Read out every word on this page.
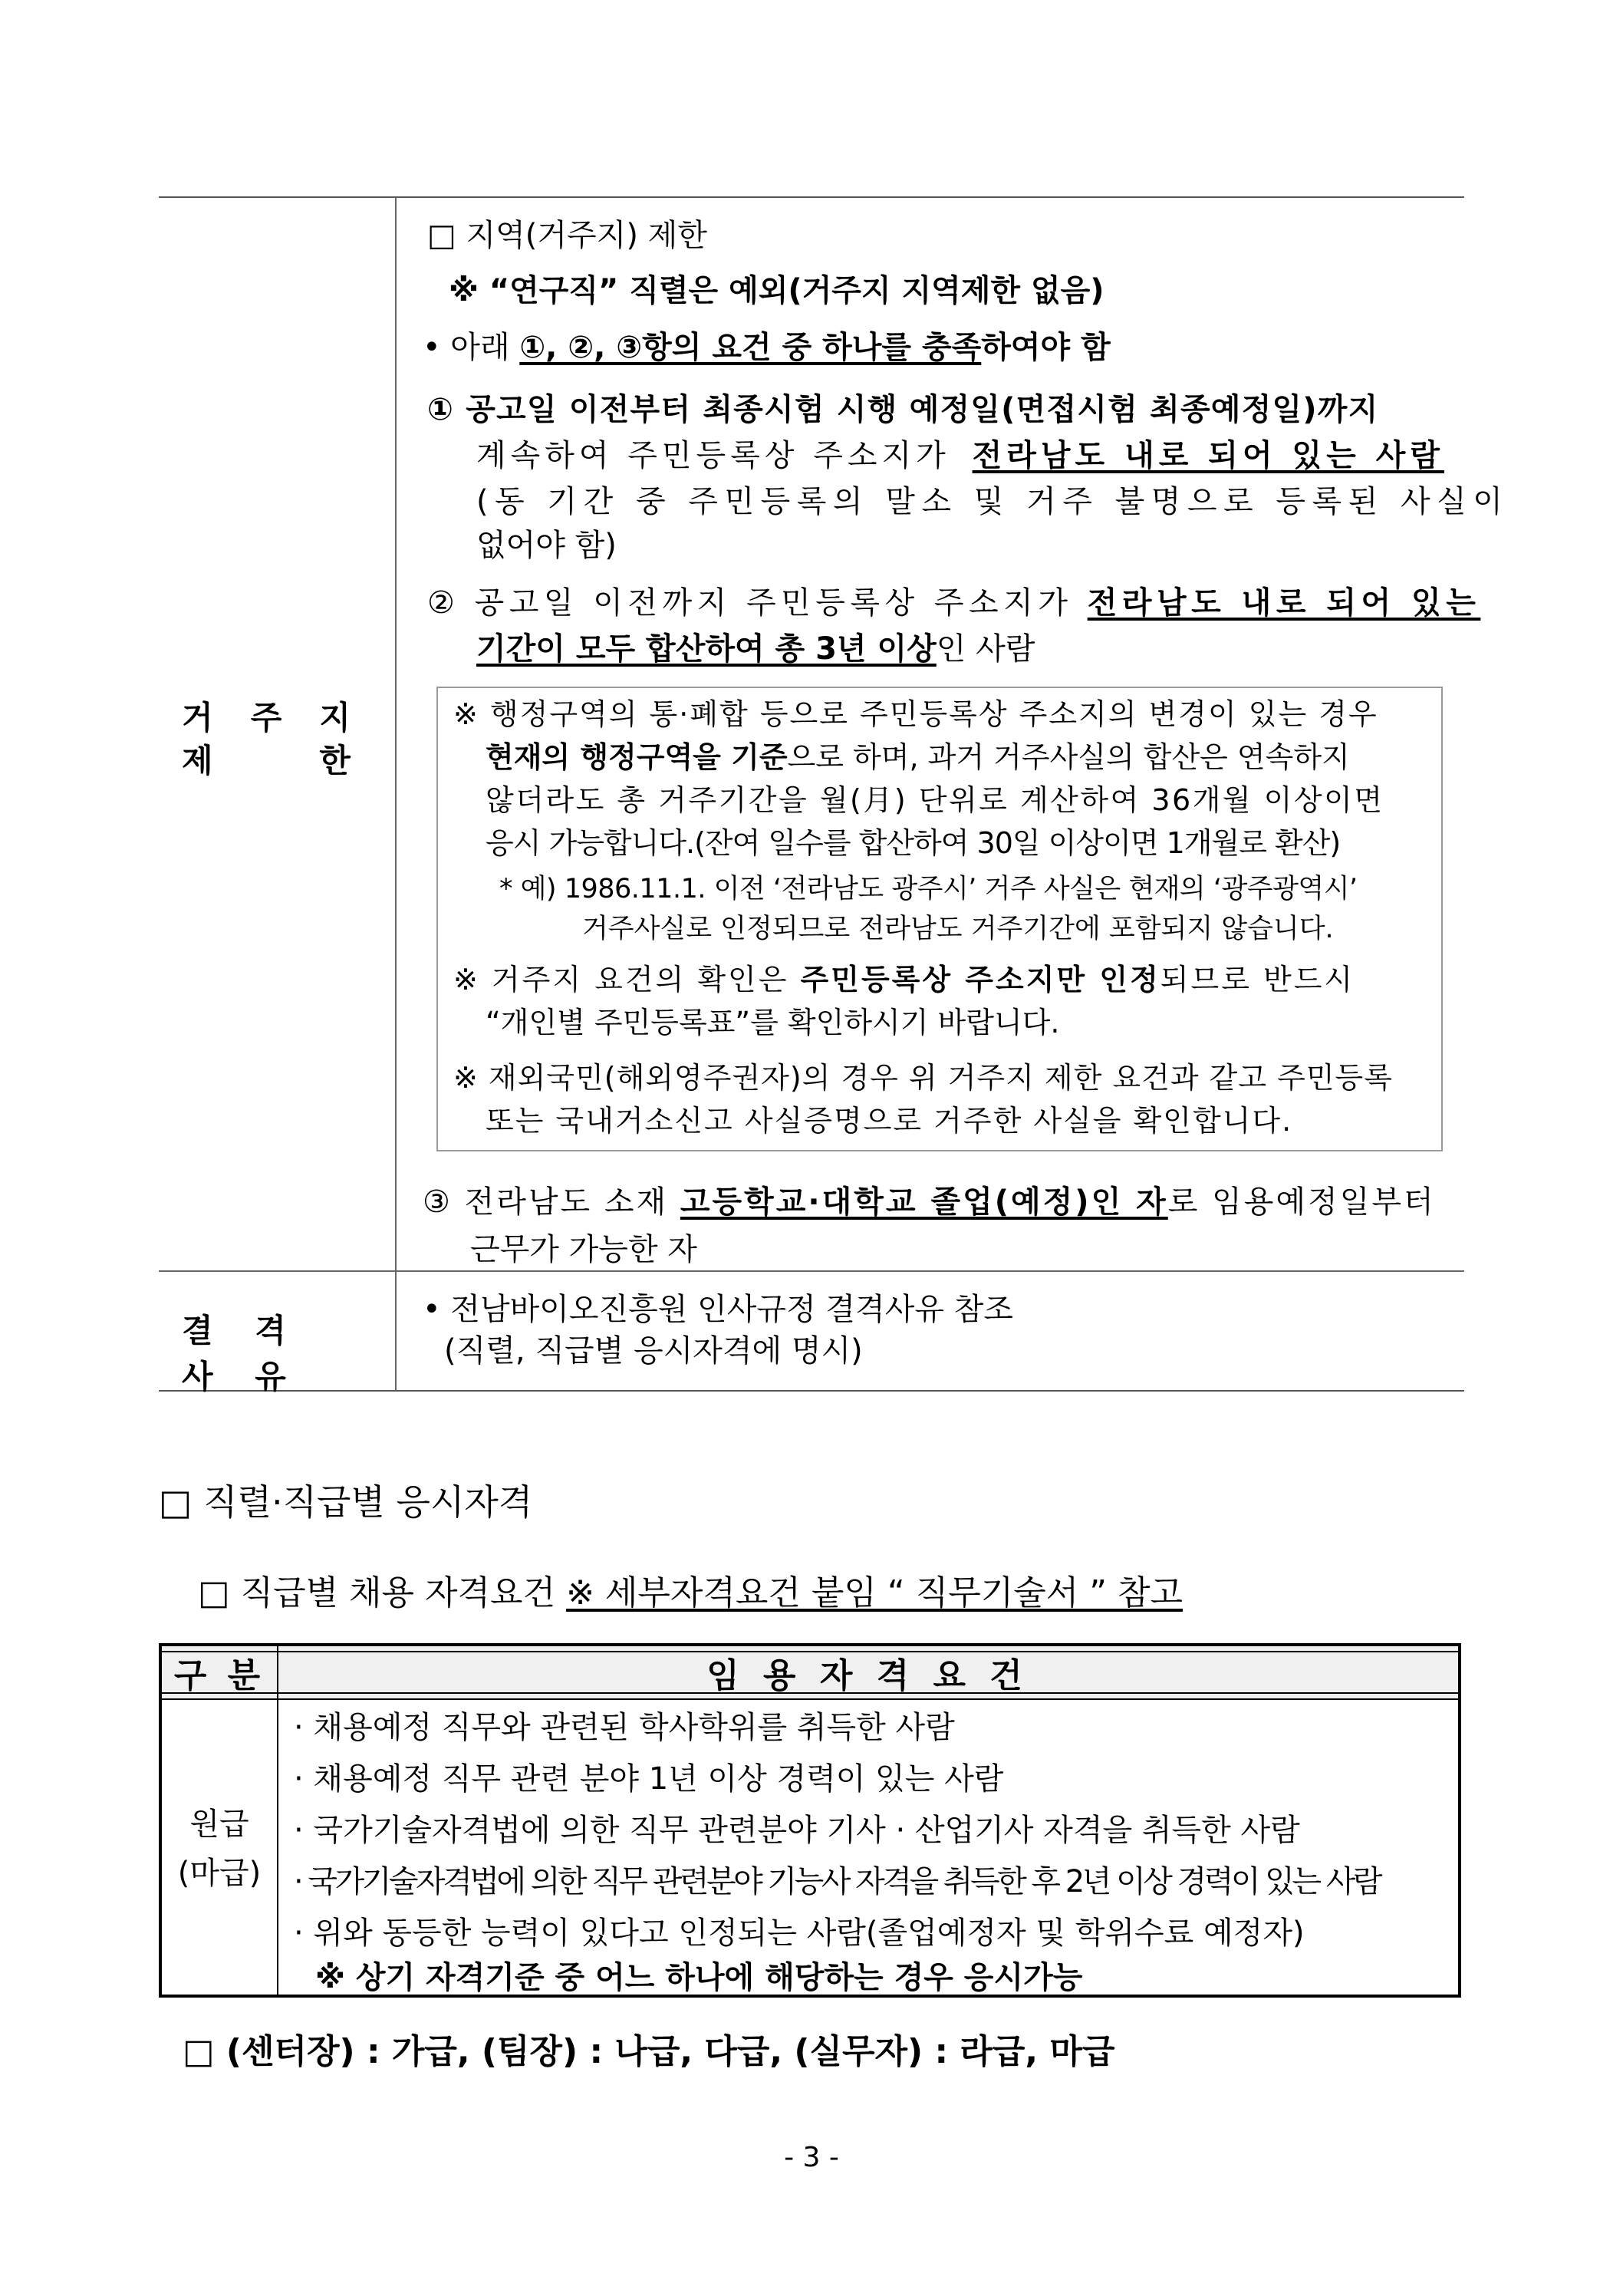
거 주 지
제	한
□ 지역(거주지) 제한
※ “연구직” 직렬은 예외(거주지 지역제한 없음)
• 아래 ①, ②, ③항의 요건 중 하나를 충족하여야 함
① 공고일 이전부터 최종시험 시행 예정일(면접시험 최종예정일)까지
계속하여 주민등록상 주소지가 전라남도 내로 되어 있는 사람
(동 기간 중 주민등록의 말소 및 거주 불명으로 등록된 사실이
없어야 함)
② 공고일 이전까지 주민등록상 주소지가 전라남도 내로 되어 있는
기간이 모두 합산하여 총 3년 이상인 사람
※ 행정구역의 통·폐합 등으로 주민등록상 주소지의 변경이 있는 경우
현재의 행정구역을 기준으로 하며, 과거 거주사실의 합산은 연속하지
않더라도 총 거주기간을 월(月) 단위로 계산하여 36개월 이상이면
응시 가능합니다.(잔여 일수를 합산하여 30일 이상이면 1개월로 환산)
* 예) 1986.11.1. 이전 ‘전라남도 광주시’ 거주 사실은 현재의 ‘광주광역시’
거주사실로 인정되므로 전라남도 거주기간에 포함되지 않습니다.
※ 거주지 요건의 확인은 주민등록상 주소지만 인정되므로 반드시
“개인별 주민등록표”를 확인하시기 바랍니다.
※ 재외국민(해외영주권자)의 경우 위 거주지 제한 요건과 같고 주민등록
또는 국내거소신고 사실증명으로 거주한 사실을 확인합니다.
③ 전라남도 소재 고등학교·대학교 졸업(예정)인 자로 임용예정일부터
근무가 가능한 자
결 격 사 유
• 전남바이오진흥원 인사규정 결격사유 참조
(직렬, 직급별 응시자격에 명시)
□ 직렬·직급별 응시자격
□ 직급별 채용 자격요건 ※ 세부자격요건 붙임 “ 직무기술서 ” 참고
구 분	임 용 자 격 요 건
원급
(마급)
· 채용예정 직무와 관련된 학사학위를 취득한 사람
· 채용예정 직무 관련 분야 1년 이상 경력이 있는 사람
· 국가기술자격법에 의한 직무 관련분야 기사 · 산업기사 자격을 취득한 사람
· 국가기술자격법에 의한 직무 관련분야 기능사 자격을 취득한 후 2년 이상 경력이 있는 사람
· 위와 동등한 능력이 있다고 인정되는 사람(졸업예정자 및 학위수료 예정자)
※ 상기 자격기준 중 어느 하나에 해당하는 경우 응시가능
□ (센터장) : 가급, (팀장) : 나급, 다급, (실무자) : 라급, 마급
- 3 -
